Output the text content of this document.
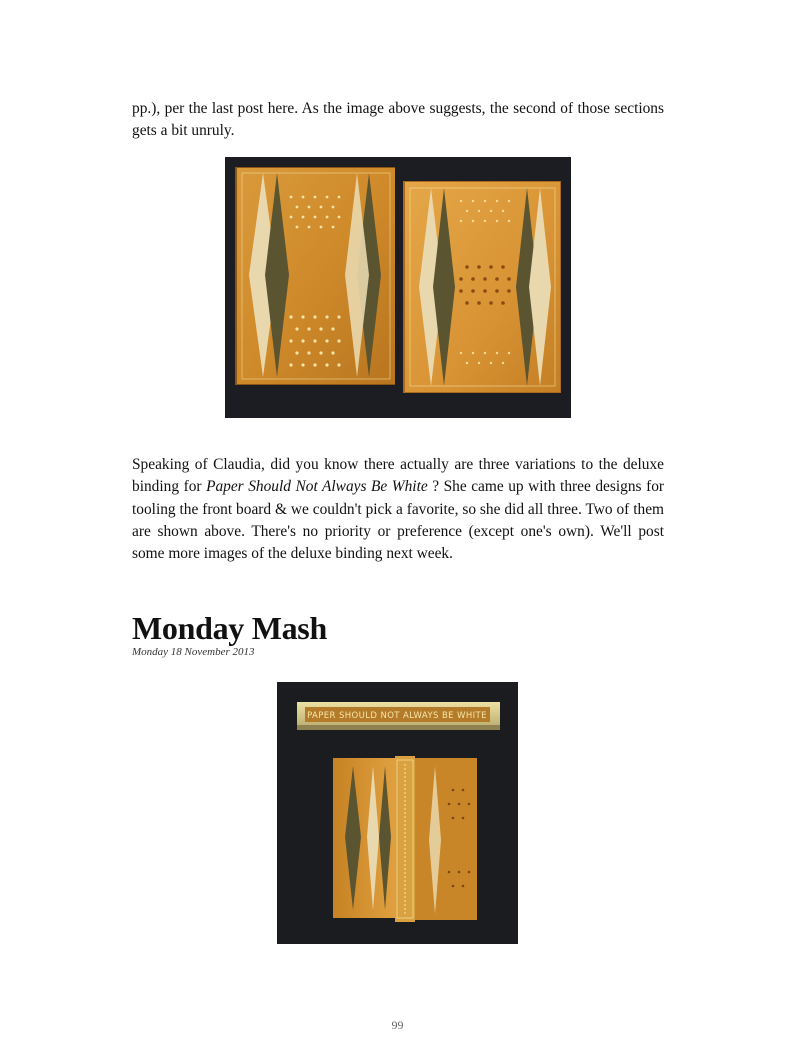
pp.), per the last post here. As the image above suggests, the second of those sections gets a bit unruly.

Speaking of Claudia, did you know there actually are three variations to the deluxe binding for Paper Should Not Always Be White ? She came up with three designs for tooling the front board & we couldn't pick a favorite, so she did all three. Two of them are shown above. There's no priority or preference (except one's own). We'll post some more images of the deluxe binding next week.

Monday Mash
Monday 18 November 2013
PAPER SHOULD NOT ALWAYS BE WHITE
99
